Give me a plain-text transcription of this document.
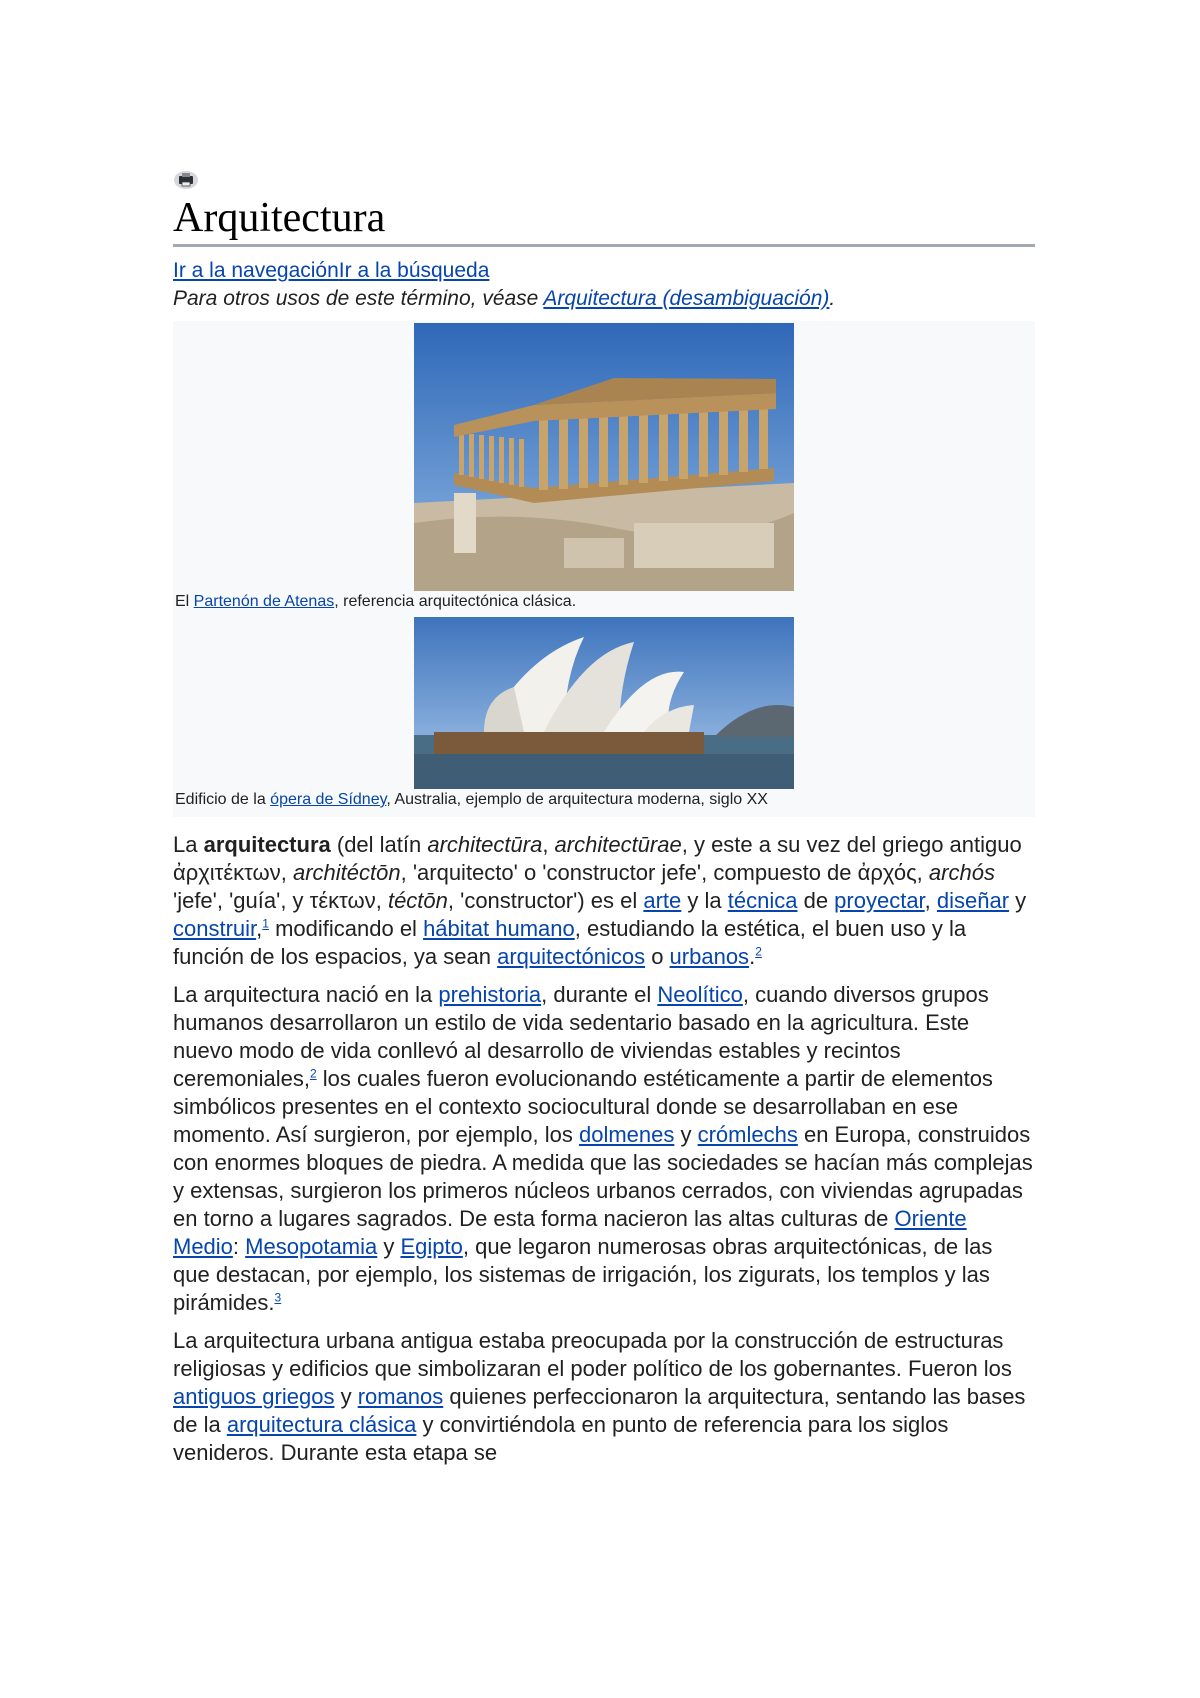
Arquitectura
Ir a la navegaciónIr a la búsqueda
Para otros usos de este término, véase Arquitectura (desambiguación).
El Partenón de Atenas, referencia arquitectónica clásica.
Edificio de la ópera de Sídney, Australia, ejemplo de arquitectura moderna, siglo XX

La arquitectura (del latín architectūra, architectūrae, y este a su vez del griego antiguo ἀρχιτέκτων, architéctōn, 'arquitecto' o 'constructor jefe', compuesto de ἀρχός, archós 'jefe', 'guía', y τέκτων, téctōn, 'constructor') es el arte y la técnica de proyectar, diseñar y construir,$^1$ modificando el hábitat humano, estudiando la estética, el buen uso y la función de los espacios, ya sean arquitectónicos o urbanos.$^2$

La arquitectura nació en la prehistoria, durante el Neolítico, cuando diversos grupos humanos desarrollaron un estilo de vida sedentario basado en la agricultura. Este nuevo modo de vida conllevó al desarrollo de viviendas estables y recintos ceremoniales,$^2$ los cuales fueron evolucionando estéticamente a partir de elementos simbólicos presentes en el contexto sociocultural donde se desarrollaban en ese momento. Así surgieron, por ejemplo, los dolmenes y crómlechs en Europa, construidos con enormes bloques de piedra. A medida que las sociedades se hacían más complejas y extensas, surgieron los primeros núcleos urbanos cerrados, con viviendas agrupadas en torno a lugares sagrados. De esta forma nacieron las altas culturas de Oriente Medio: Mesopotamia y Egipto, que legaron numerosas obras arquitectónicas, de las que destacan, por ejemplo, los sistemas de irrigación, los zigurats, los templos y las pirámides.$^3$

La arquitectura urbana antigua estaba preocupada por la construcción de estructuras religiosas y edificios que simbolizaran el poder político de los gobernantes. Fueron los antiguos griegos y romanos quienes perfeccionaron la arquitectura, sentando las bases de la arquitectura clásica y convirtiéndola en punto de referencia para los siglos venideros. Durante esta etapa se
